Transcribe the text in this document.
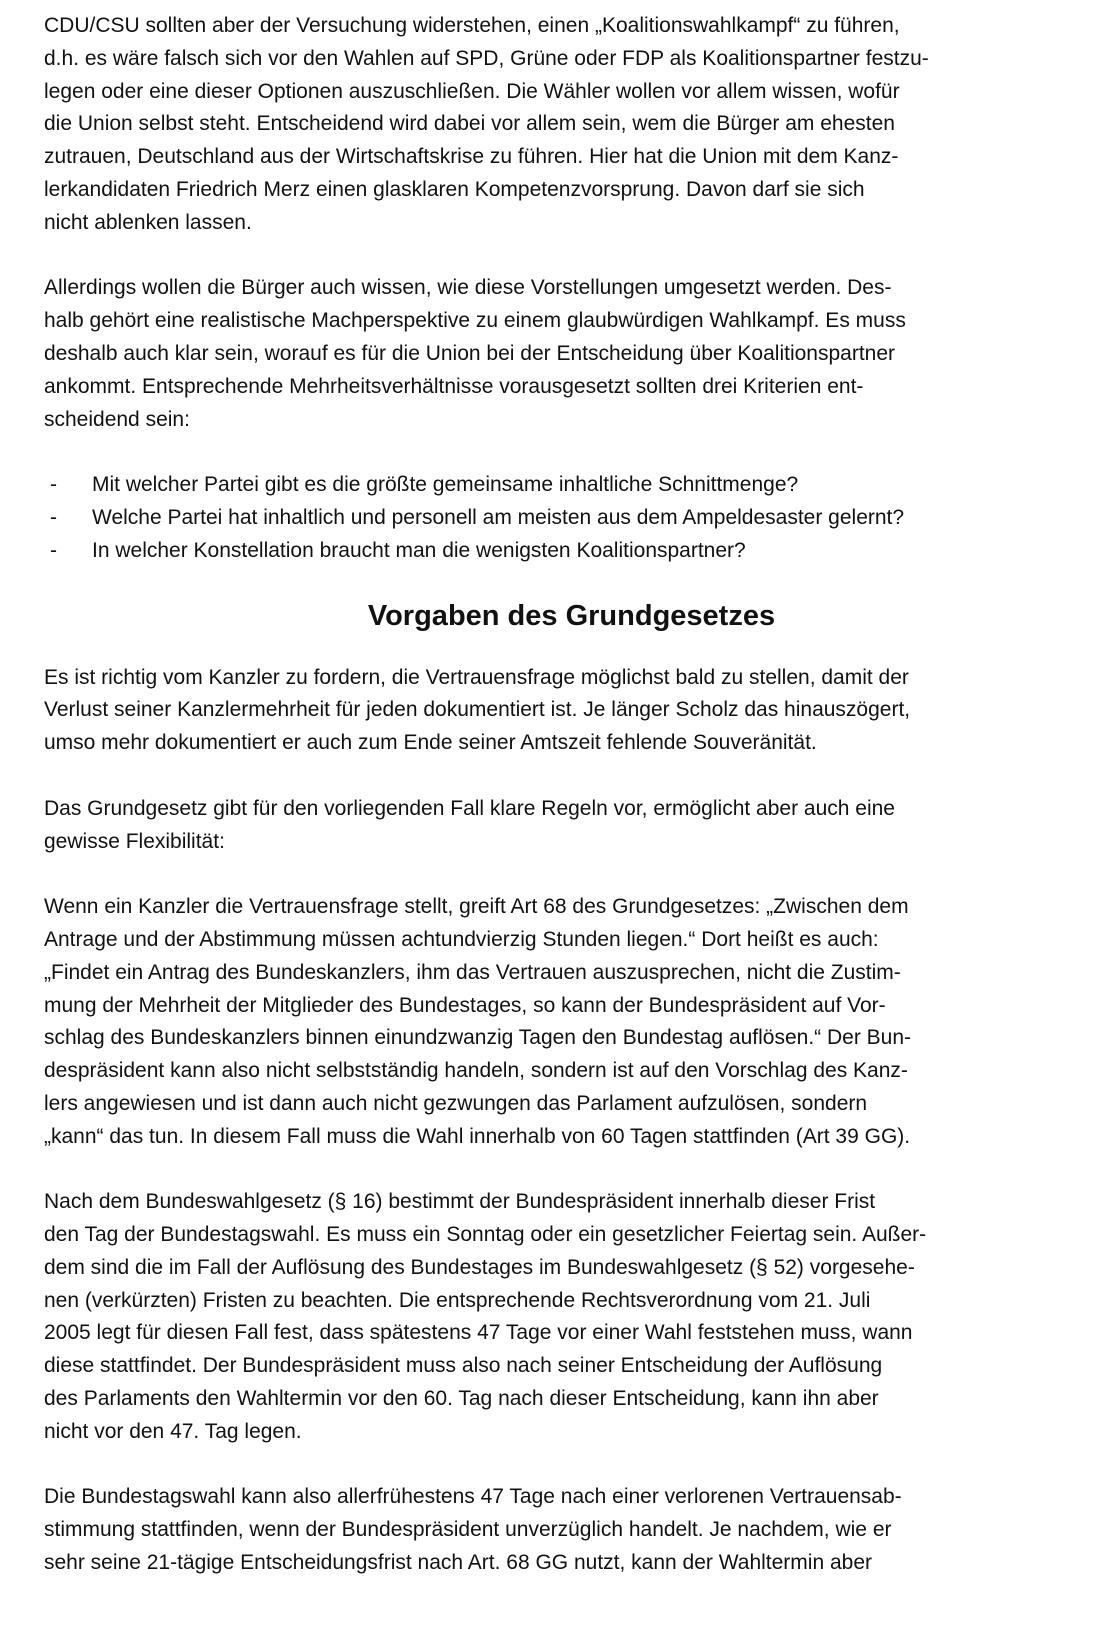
CDU/CSU sollten aber der Versuchung widerstehen, einen „Koalitionswahlkampf“ zu führen,
d.h. es wäre falsch sich vor den Wahlen auf SPD, Grüne oder FDP als Koalitionspartner festzu-
legen oder eine dieser Optionen auszuschließen. Die Wähler wollen vor allem wissen, wofür
die Union selbst steht. Entscheidend wird dabei vor allem sein, wem die Bürger am ehesten
zutrauen, Deutschland aus der Wirtschaftskrise zu führen. Hier hat die Union mit dem Kanz-
lerkandidaten Friedrich Merz einen glasklaren Kompetenzvorsprung. Davon darf sie sich
nicht ablenken lassen.

Allerdings wollen die Bürger auch wissen, wie diese Vorstellungen umgesetzt werden. Des-
halb gehört eine realistische Machperspektive zu einem glaubwürdigen Wahlkampf. Es muss
deshalb auch klar sein, worauf es für die Union bei der Entscheidung über Koalitionspartner
ankommt. Entsprechende Mehrheitsverhältnisse vorausgesetzt sollten drei Kriterien ent-
scheidend sein:

-	Mit welcher Partei gibt es die größte gemeinsame inhaltliche Schnittmenge?
-	Welche Partei hat inhaltlich und personell am meisten aus dem Ampeldesaster gelernt?
-	In welcher Konstellation braucht man die wenigsten Koalitionspartner?
Vorgaben des Grundgesetzes

Es ist richtig vom Kanzler zu fordern, die Vertrauensfrage möglichst bald zu stellen, damit der
Verlust seiner Kanzlermehrheit für jeden dokumentiert ist. Je länger Scholz das hinauszögert,
umso mehr dokumentiert er auch zum Ende seiner Amtszeit fehlende Souveränität.

Das Grundgesetz gibt für den vorliegenden Fall klare Regeln vor, ermöglicht aber auch eine
gewisse Flexibilität:

Wenn ein Kanzler die Vertrauensfrage stellt, greift Art 68 des Grundgesetzes: „Zwischen dem
Antrage und der Abstimmung müssen achtundvierzig Stunden liegen.“ Dort heißt es auch:
„Findet ein Antrag des Bundeskanzlers, ihm das Vertrauen auszusprechen, nicht die Zustim-
mung der Mehrheit der Mitglieder des Bundestages, so kann der Bundespräsident auf Vor-
schlag des Bundeskanzlers binnen einundzwanzig Tagen den Bundestag auflösen.“ Der Bun-
despräsident kann also nicht selbstständig handeln, sondern ist auf den Vorschlag des Kanz-
lers angewiesen und ist dann auch nicht gezwungen das Parlament aufzulösen, sondern
„kann“ das tun. In diesem Fall muss die Wahl innerhalb von 60 Tagen stattfinden (Art 39 GG).

Nach dem Bundeswahlgesetz (§ 16) bestimmt der Bundespräsident innerhalb dieser Frist
den Tag der Bundestagswahl. Es muss ein Sonntag oder ein gesetzlicher Feiertag sein. Außer-
dem sind die im Fall der Auflösung des Bundestages im Bundeswahlgesetz (§ 52) vorgesehe-
nen (verkürzten) Fristen zu beachten. Die entsprechende Rechtsverordnung vom 21. Juli
2005 legt für diesen Fall fest, dass spätestens 47 Tage vor einer Wahl feststehen muss, wann
diese stattfindet. Der Bundespräsident muss also nach seiner Entscheidung der Auflösung
des Parlaments den Wahltermin vor den 60. Tag nach dieser Entscheidung, kann ihn aber
nicht vor den 47. Tag legen.

Die Bundestagswahl kann also allerfrühestens 47 Tage nach einer verlorenen Vertrauensab-
stimmung stattfinden, wenn der Bundespräsident unverzüglich handelt. Je nachdem, wie er
sehr seine 21-tägige Entscheidungsfrist nach Art. 68 GG nutzt, kann der Wahltermin aber
